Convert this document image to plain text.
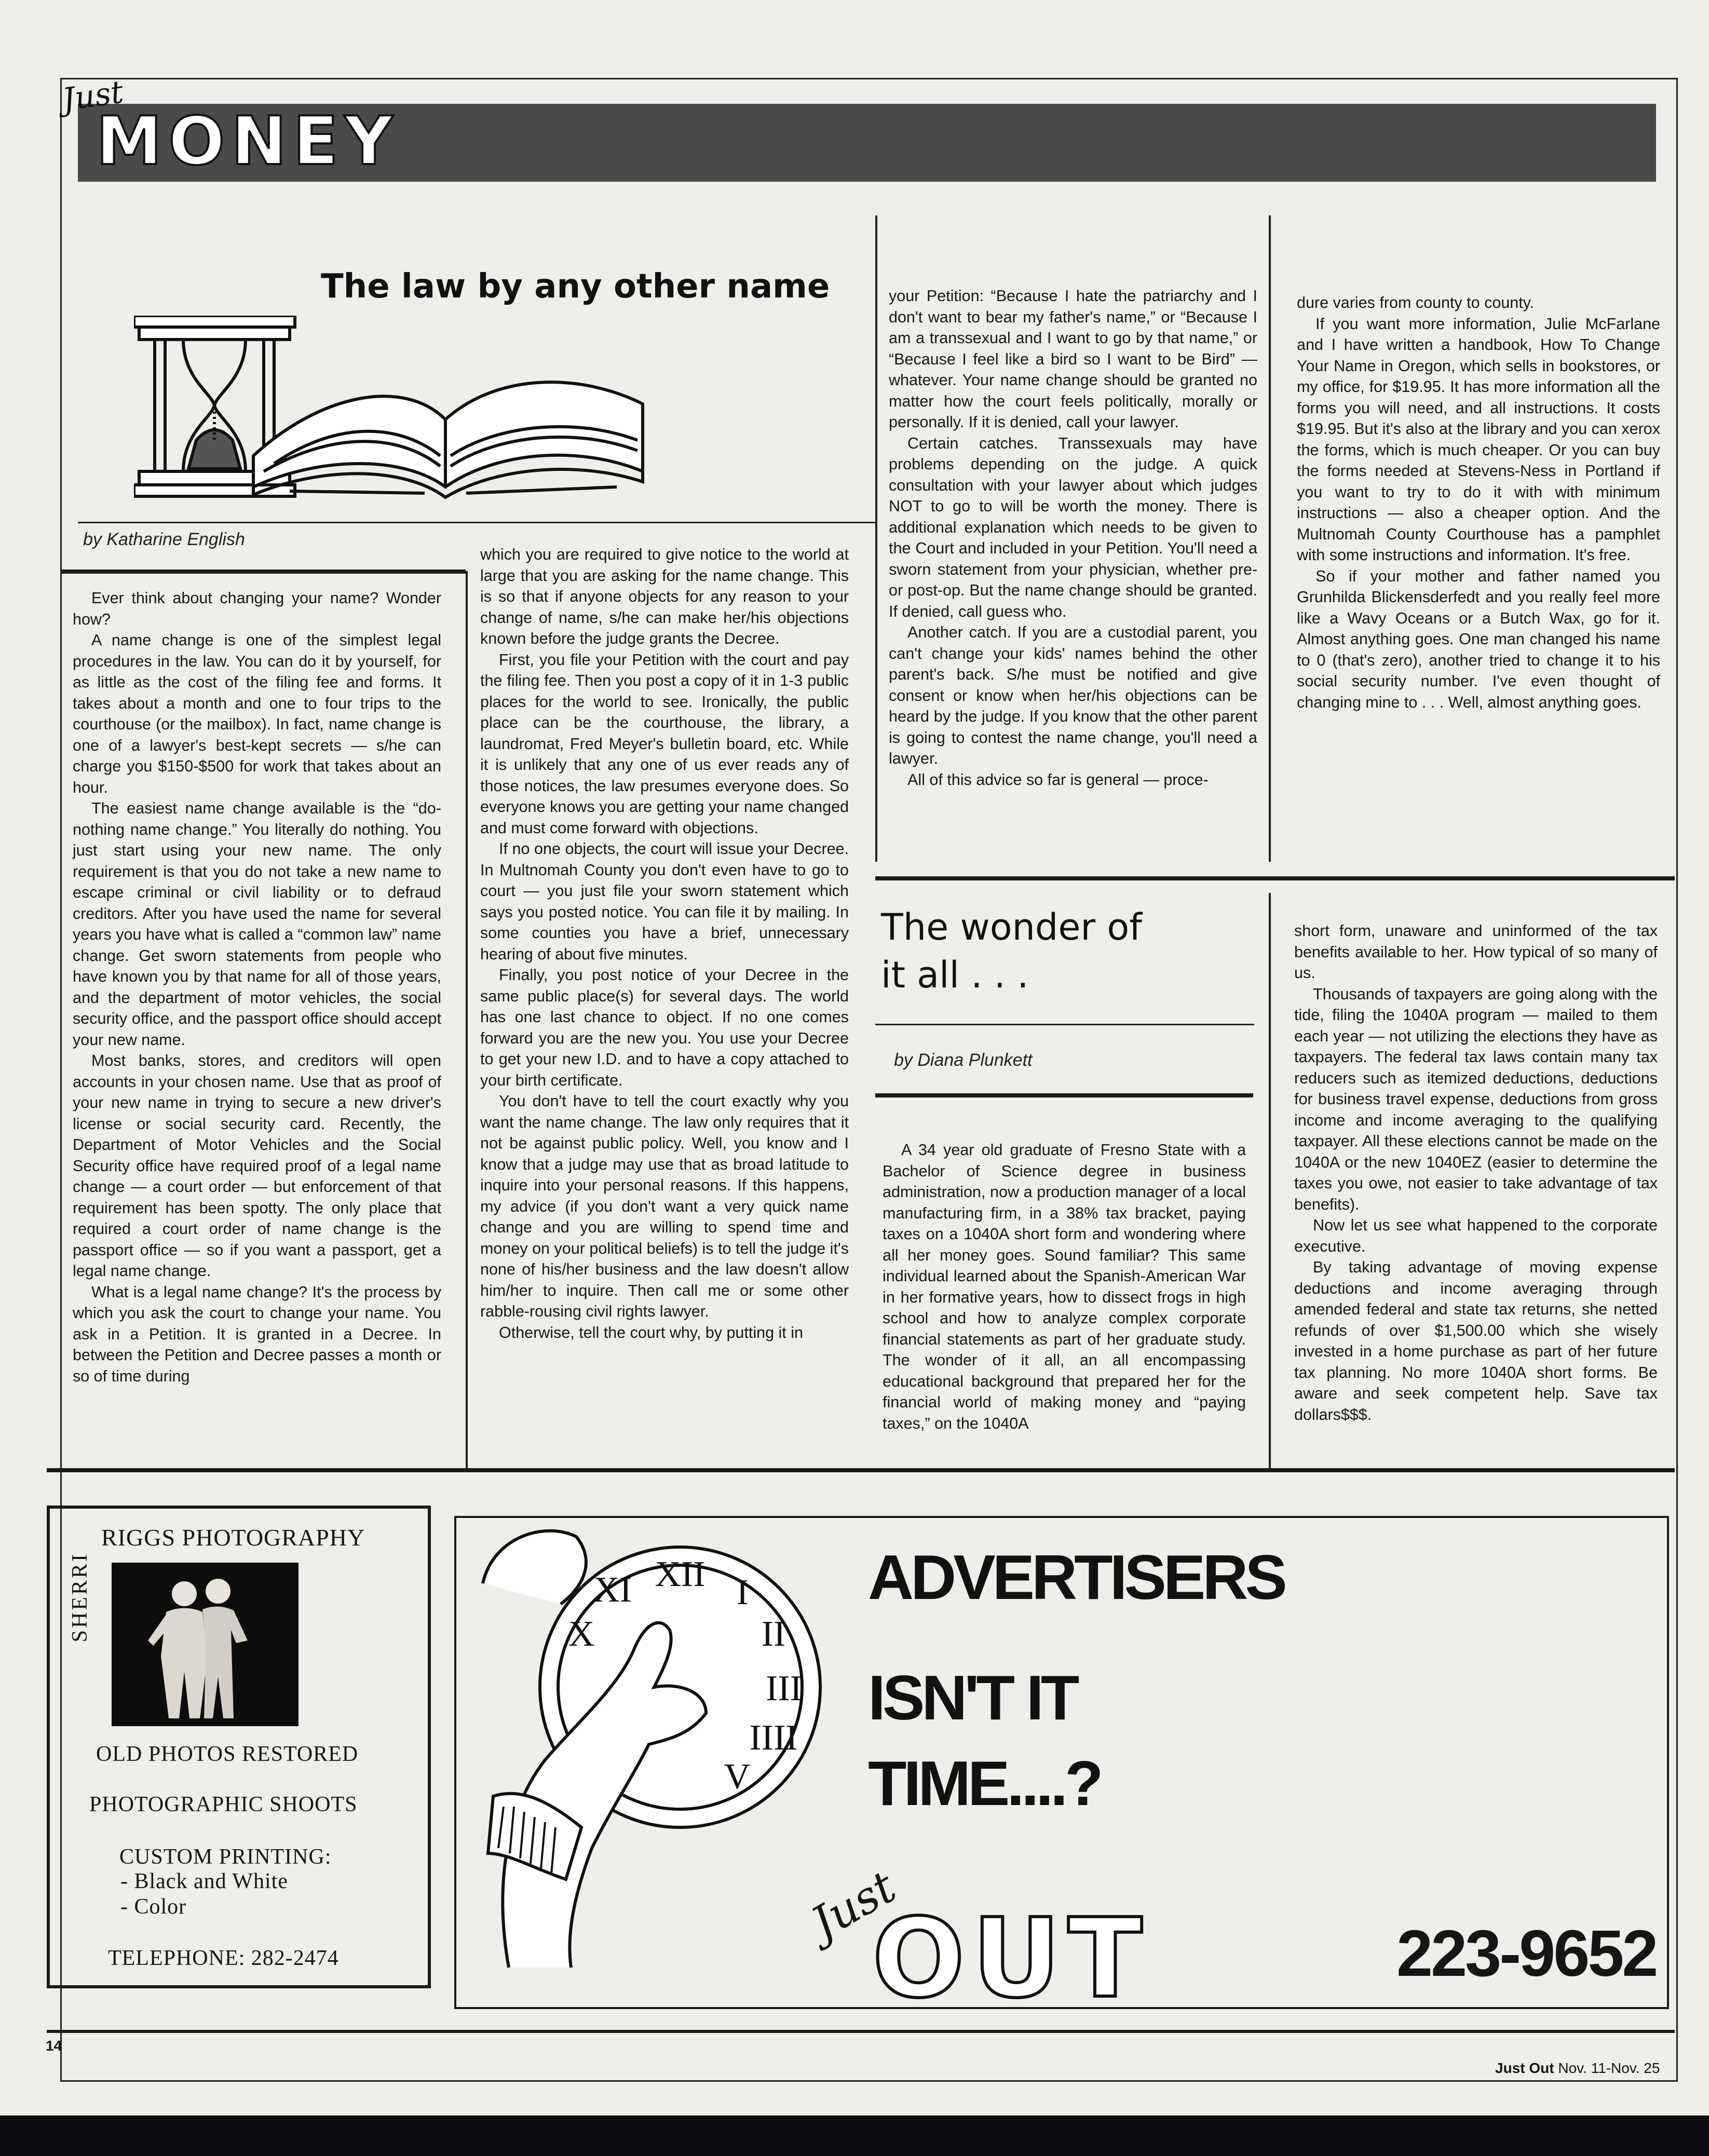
Just
MONEY
The law by any other name
by Katharine English

Ever think about changing your name? Wonder how?

A name change is one of the simplest legal procedures in the law. You can do it by yourself, for as little as the cost of the filing fee and forms. It takes about a month and one to four trips to the courthouse (or the mailbox). In fact, name change is one of a lawyer's best-kept secrets — s/he can charge you $150-$500 for work that takes about an hour.

The easiest name change available is the “do-nothing name change.” You literally do nothing. You just start using your new name. The only requirement is that you do not take a new name to escape criminal or civil liability or to defraud creditors. After you have used the name for several years you have what is called a “common law” name change. Get sworn statements from people who have known you by that name for all of those years, and the department of motor vehicles, the social security office, and the passport office should accept your new name.

Most banks, stores, and creditors will open accounts in your chosen name. Use that as proof of your new name in trying to secure a new driver's license or social security card. Recently, the Department of Motor Vehicles and the Social Security office have required proof of a legal name change — a court order — but enforcement of that requirement has been spotty. The only place that required a court order of name change is the passport office — so if you want a passport, get a legal name change.

What is a legal name change? It's the process by which you ask the court to change your name. You ask in a Petition. It is granted in a Decree. In between the Petition and Decree passes a month or so of time during

which you are required to give notice to the world at large that you are asking for the name change. This is so that if anyone objects for any reason to your change of name, s/he can make her/his objections known before the judge grants the Decree.

First, you file your Petition with the court and pay the filing fee. Then you post a copy of it in 1-3 public places for the world to see. Ironically, the public place can be the courthouse, the library, a laundromat, Fred Meyer's bulletin board, etc. While it is unlikely that any one of us ever reads any of those notices, the law presumes everyone does. So everyone knows you are getting your name changed and must come forward with objections.

If no one objects, the court will issue your Decree. In Multnomah County you don't even have to go to court — you just file your sworn statement which says you posted notice. You can file it by mailing. In some counties you have a brief, unnecessary hearing of about five minutes.

Finally, you post notice of your Decree in the same public place(s) for several days. The world has one last chance to object. If no one comes forward you are the new you. You use your Decree to get your new I.D. and to have a copy attached to your birth certificate.

You don't have to tell the court exactly why you want the name change. The law only requires that it not be against public policy. Well, you know and I know that a judge may use that as broad latitude to inquire into your personal reasons. If this happens, my advice (if you don't want a very quick name change and you are willing to spend time and money on your political beliefs) is to tell the judge it's none of his/her business and the law doesn't allow him/her to inquire. Then call me or some other rabble-rousing civil rights lawyer.

Otherwise, tell the court why, by putting it in

your Petition: “Because I hate the patriarchy and I don't want to bear my father's name,” or “Because I am a transsexual and I want to go by that name,” or “Because I feel like a bird so I want to be Bird” — whatever. Your name change should be granted no matter how the court feels politically, morally or personally. If it is denied, call your lawyer.

Certain catches. Transsexuals may have problems depending on the judge. A quick consultation with your lawyer about which judges NOT to go to will be worth the money. There is additional explanation which needs to be given to the Court and included in your Petition. You'll need a sworn statement from your physician, whether pre- or post-op. But the name change should be granted. If denied, call guess who.

Another catch. If you are a custodial parent, you can't change your kids' names behind the other parent's back. S/he must be notified and give consent or know when her/his objections can be heard by the judge. If you know that the other parent is going to contest the name change, you'll need a lawyer.

All of this advice so far is general — proce-

dure varies from county to county.

If you want more information, Julie McFarlane and I have written a handbook, How To Change Your Name in Oregon, which sells in bookstores, or my office, for $19.95. It has more information all the forms you will need, and all instructions. It costs $19.95. But it's also at the library and you can xerox the forms, which is much cheaper. Or you can buy the forms needed at Stevens-Ness in Portland if you want to try to do it with with minimum instructions — also a cheaper option. And the Multnomah County Courthouse has a pamphlet with some instructions and information. It's free.

So if your mother and father named you Grunhilda Blickensderfedt and you really feel more like a Wavy Oceans or a Butch Wax, go for it. Almost anything goes. One man changed his name to 0 (that's zero), another tried to change it to his social security number. I've even thought of changing mine to . . . Well, almost anything goes.

The wonder of
it all . . .
by Diana Plunkett

A 34 year old graduate of Fresno State with a Bachelor of Science degree in business administration, now a production manager of a local manufacturing firm, in a 38% tax bracket, paying taxes on a 1040A short form and wondering where all her money goes. Sound familiar? This same individual learned about the Spanish-American War in her formative years, how to dissect frogs in high school and how to analyze complex corporate financial statements as part of her graduate study. The wonder of it all, an all encompassing educational background that prepared her for the financial world of making money and “paying taxes,” on the 1040A

short form, unaware and uninformed of the tax benefits available to her. How typical of so many of us.

Thousands of taxpayers are going along with the tide, filing the 1040A program — mailed to them each year — not utilizing the elections they have as taxpayers. The federal tax laws contain many tax reducers such as itemized deductions, deductions for business travel expense, deductions from gross income and income averaging to the qualifying taxpayer. All these elections cannot be made on the 1040A or the new 1040EZ (easier to determine the taxes you owe, not easier to take advantage of tax benefits).

Now let us see what happened to the corporate executive.

By taking advantage of moving expense deductions and income averaging through amended federal and state tax returns, she netted refunds of over $1,500.00 which she wisely invested in a home purchase as part of her future tax planning. No more 1040A short forms. Be aware and seek competent help. Save tax dollars$$$.

SHERRI
RIGGS PHOTOGRAPHY
OLD PHOTOS RESTORED
PHOTOGRAPHIC SHOOTS
CUSTOM PRINTING:
- Black and White
- Color
TELEPHONE: 282-2474
XII I
II
III
IIII
V
XI
X
ADVERTISERS
ISN'T IT
TIME....?
Just
OUT	223-9652
14
Just Out Nov. 11-Nov. 25
